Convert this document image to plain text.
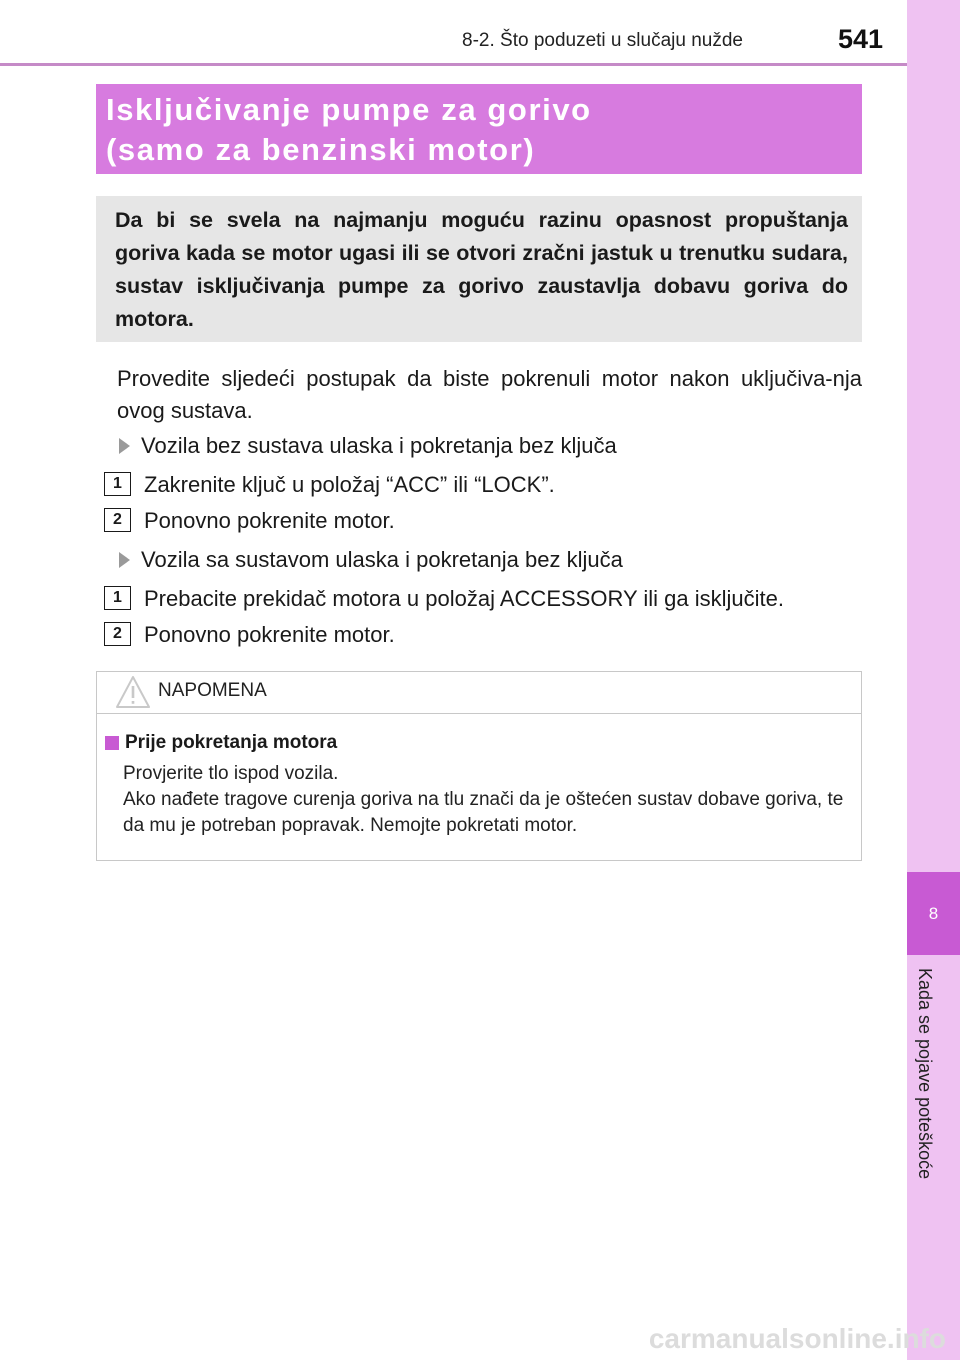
8-2. Što poduzeti u slučaju nužde	541
8
Kada se pojave poteškoće
Isključivanje pumpe za gorivo
(samo za benzinski motor)

Da bi se svela na najmanju moguću razinu opasnost propuštanja goriva kada se motor ugasi ili se otvori zračni jastuk u trenutku sudara, sustav isključivanja pumpe za gorivo zaustavlja dobavu goriva do motora.

Provedite sljedeći postupak da biste pokrenuli motor nakon uključiva-nja ovog sustava.

Vozila bez sustava ulaska i pokretanja bez ključa
1	Zakrenite ključ u položaj “ACC” ili “LOCK”.
2	Ponovno pokrenite motor.
Vozila sa sustavom ulaska i pokretanja bez ključa
1	Prebacite prekidač motora u položaj ACCESSORY ili ga isključite.
2	Ponovno pokrenite motor.
NAPOMENA
Prije pokretanja motora

Provjerite tlo ispod vozila.
Ako nađete tragove curenja goriva na tlu znači da je oštećen sustav dobave goriva, te da mu je potreban popravak. Nemojte pokretati motor.

carmanualsonline.info
